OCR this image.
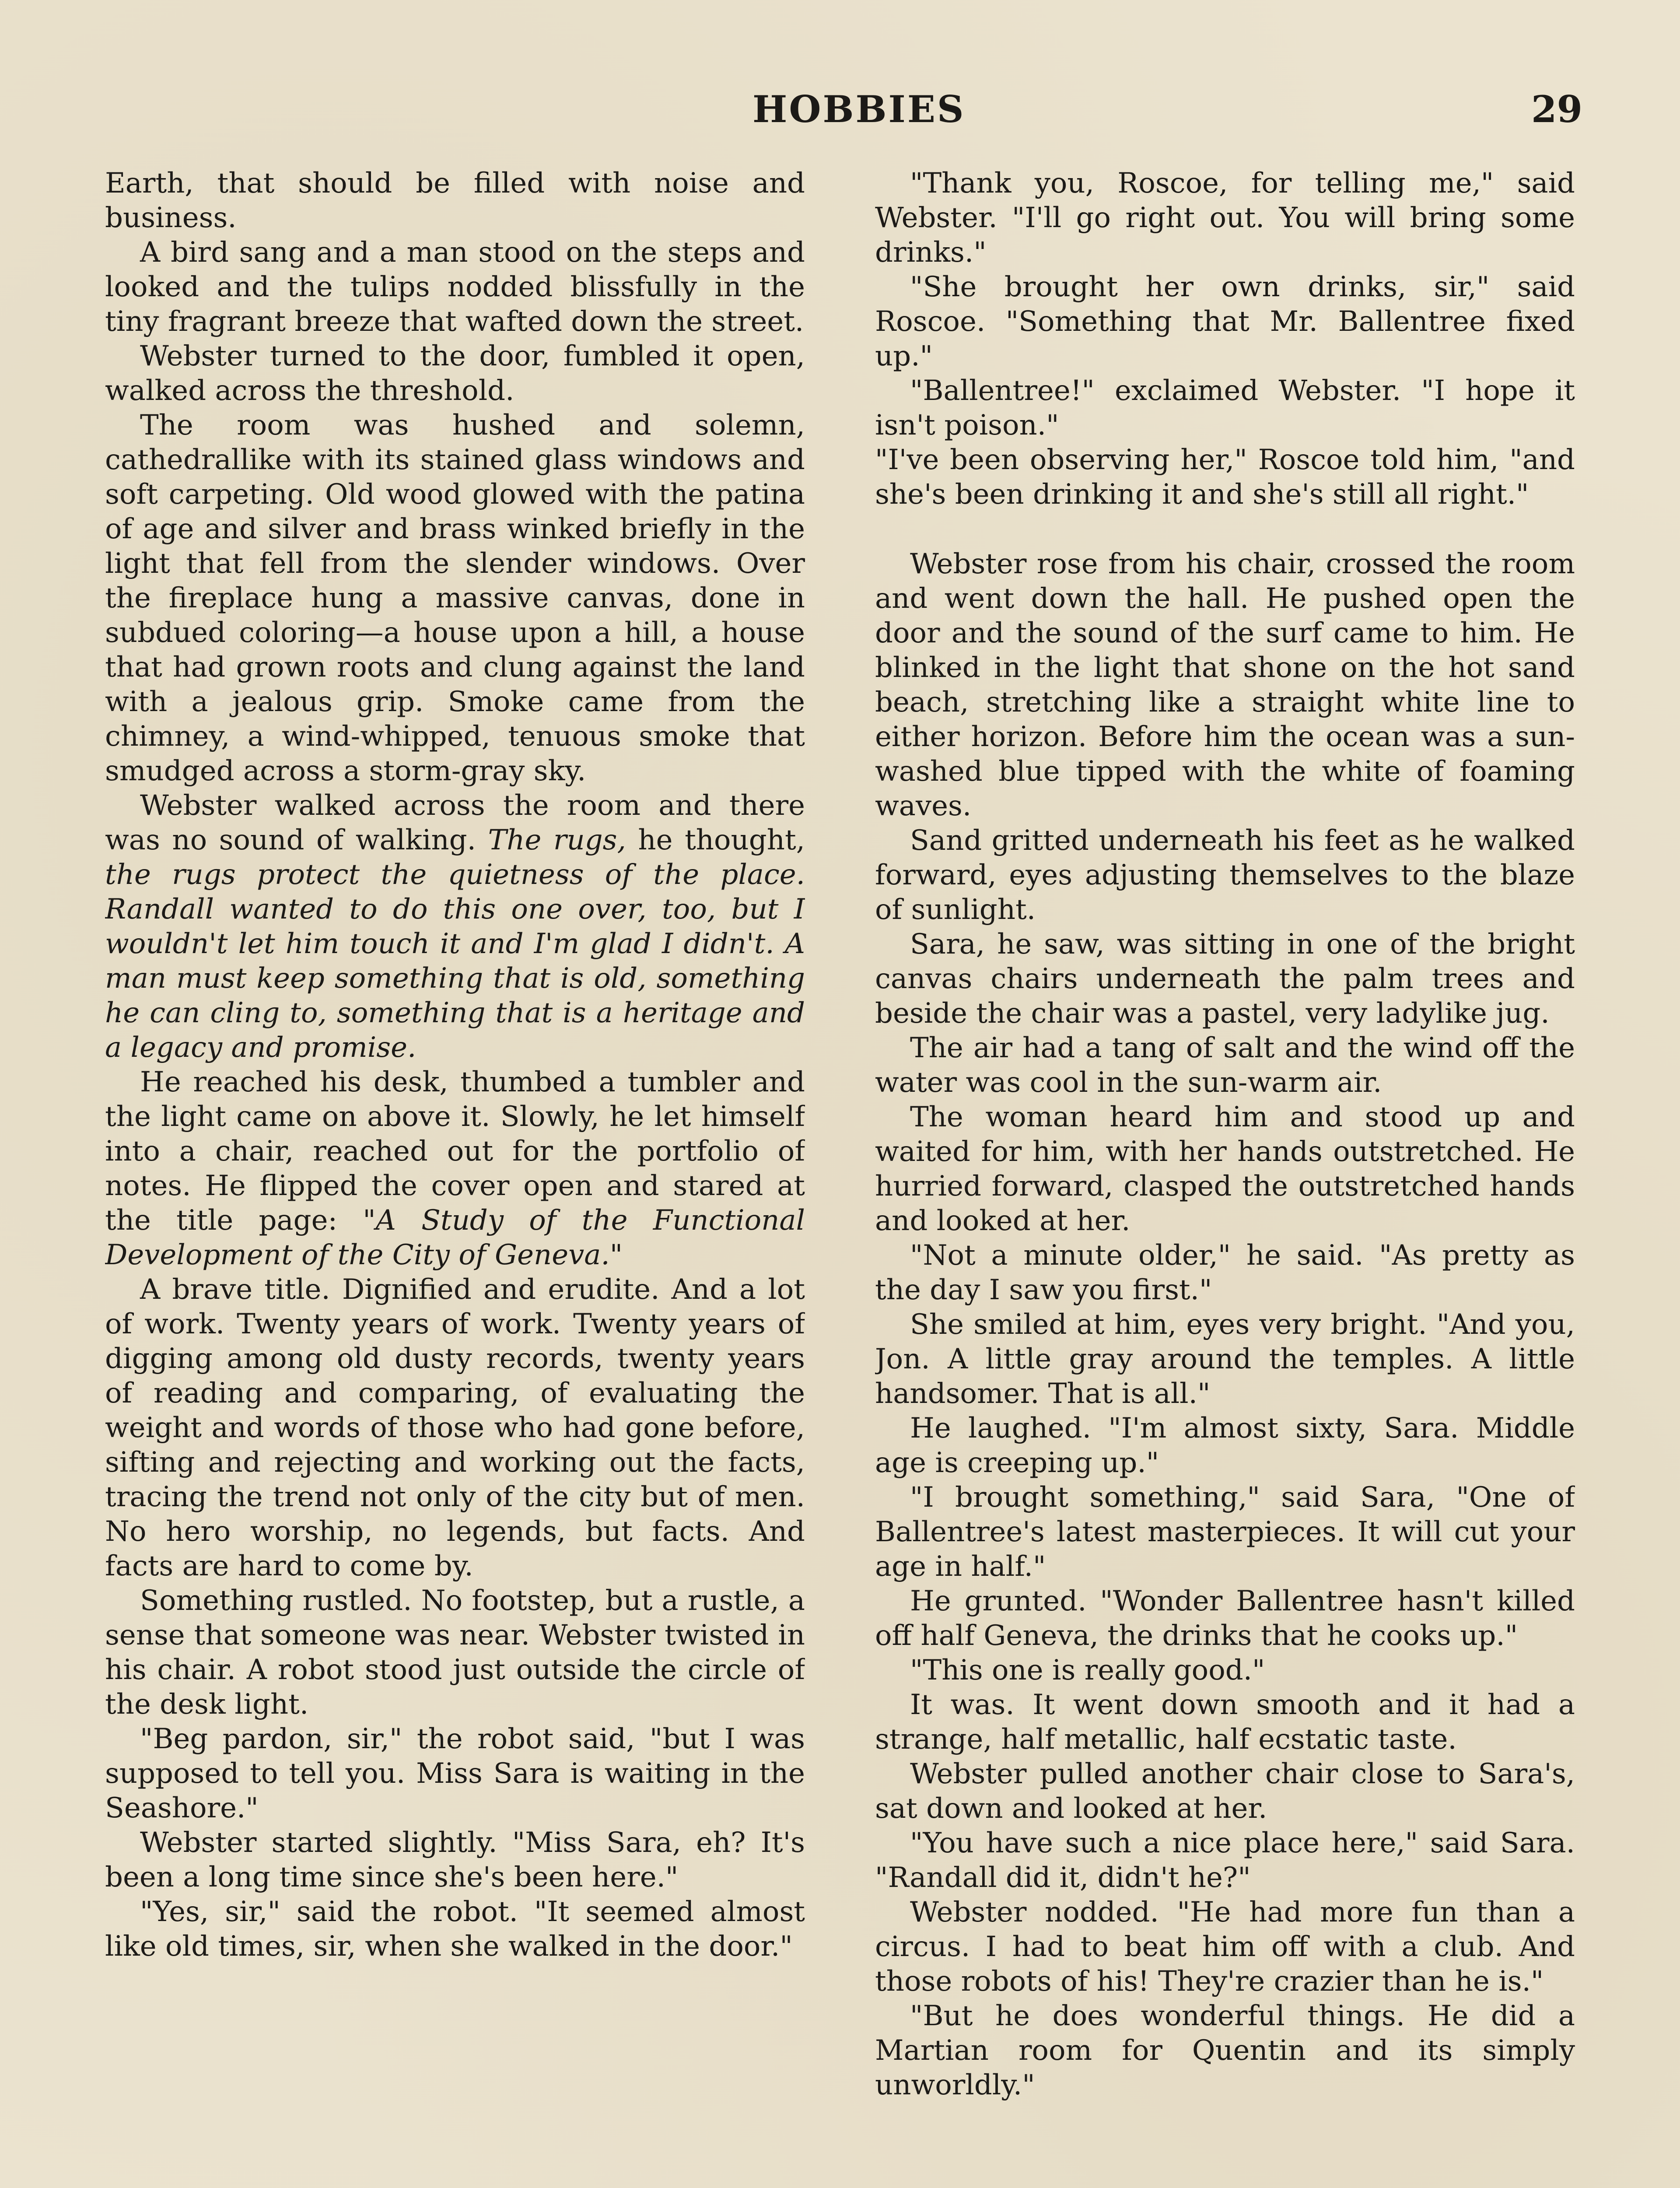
HOBBIES	29

Earth, that should be filled with noise and business.

A bird sang and a man stood on the steps and looked and the tulips nodded blissfully in the tiny fragrant breeze that wafted down the street.

Webster turned to the door, fumbled it open, walked across the threshold.

The room was hushed and solemn, cathedrallike with its stained glass windows and soft carpeting. Old wood glowed with the patina of age and silver and brass winked briefly in the light that fell from the slender windows. Over the fireplace hung a massive canvas, done in subdued coloring—a house upon a hill, a house that had grown roots and clung against the land with a jealous grip. Smoke came from the chimney, a wind-whipped, tenuous smoke that smudged across a storm-gray sky.

Webster walked across the room and there was no sound of walking. The rugs, he thought, the rugs protect the quietness of the place. Randall wanted to do this one over, too, but I wouldn't let him touch it and I'm glad I didn't. A man must keep something that is old, something he can cling to, something that is a heritage and a legacy and promise.

He reached his desk, thumbed a tumbler and the light came on above it. Slowly, he let himself into a chair, reached out for the portfolio of notes. He flipped the cover open and stared at the title page: "A Study of the Functional Development of the City of Geneva."

A brave title. Dignified and erudite. And a lot of work. Twenty years of work. Twenty years of digging among old dusty records, twenty years of reading and comparing, of evaluating the weight and words of those who had gone before, sifting and rejecting and working out the facts, tracing the trend not only of the city but of men. No hero worship, no legends, but facts. And facts are hard to come by.

Something rustled. No footstep, but a rustle, a sense that someone was near. Webster twisted in his chair. A robot stood just outside the circle of the desk light.

"Beg pardon, sir," the robot said, "but I was supposed to tell you. Miss Sara is waiting in the Seashore."

Webster started slightly. "Miss Sara, eh? It's been a long time since she's been here."

"Yes, sir," said the robot. "It seemed almost like old times, sir, when she walked in the door."

"Thank you, Roscoe, for telling me," said Webster. "I'll go right out. You will bring some drinks."

"She brought her own drinks, sir," said Roscoe. "Something that Mr. Ballentree fixed up."

"Ballentree!" exclaimed Webster. "I hope it isn't poison."

"I've been observing her," Roscoe told him, "and she's been drinking it and she's still all right."

Webster rose from his chair, crossed the room and went down the hall. He pushed open the door and the sound of the surf came to him. He blinked in the light that shone on the hot sand beach, stretching like a straight white line to either horizon. Before him the ocean was a sun-washed blue tipped with the white of foaming waves.

Sand gritted underneath his feet as he walked forward, eyes adjusting themselves to the blaze of sunlight.

Sara, he saw, was sitting in one of the bright canvas chairs underneath the palm trees and beside the chair was a pastel, very ladylike jug.

The air had a tang of salt and the wind off the water was cool in the sun-warm air.

The woman heard him and stood up and waited for him, with her hands outstretched. He hurried forward, clasped the outstretched hands and looked at her.

"Not a minute older," he said. "As pretty as the day I saw you first."

She smiled at him, eyes very bright. "And you, Jon. A little gray around the temples. A little handsomer. That is all."

He laughed. "I'm almost sixty, Sara. Middle age is creeping up."

"I brought something," said Sara, "One of Ballentree's latest masterpieces. It will cut your age in half."

He grunted. "Wonder Ballentree hasn't killed off half Geneva, the drinks that he cooks up."

"This one is really good."

It was. It went down smooth and it had a strange, half metallic, half ecstatic taste.

Webster pulled another chair close to Sara's, sat down and looked at her.

"You have such a nice place here," said Sara. "Randall did it, didn't he?"

Webster nodded. "He had more fun than a circus. I had to beat him off with a club. And those robots of his! They're crazier than he is."

"But he does wonderful things. He did a Martian room for Quentin and its simply unworldly."
